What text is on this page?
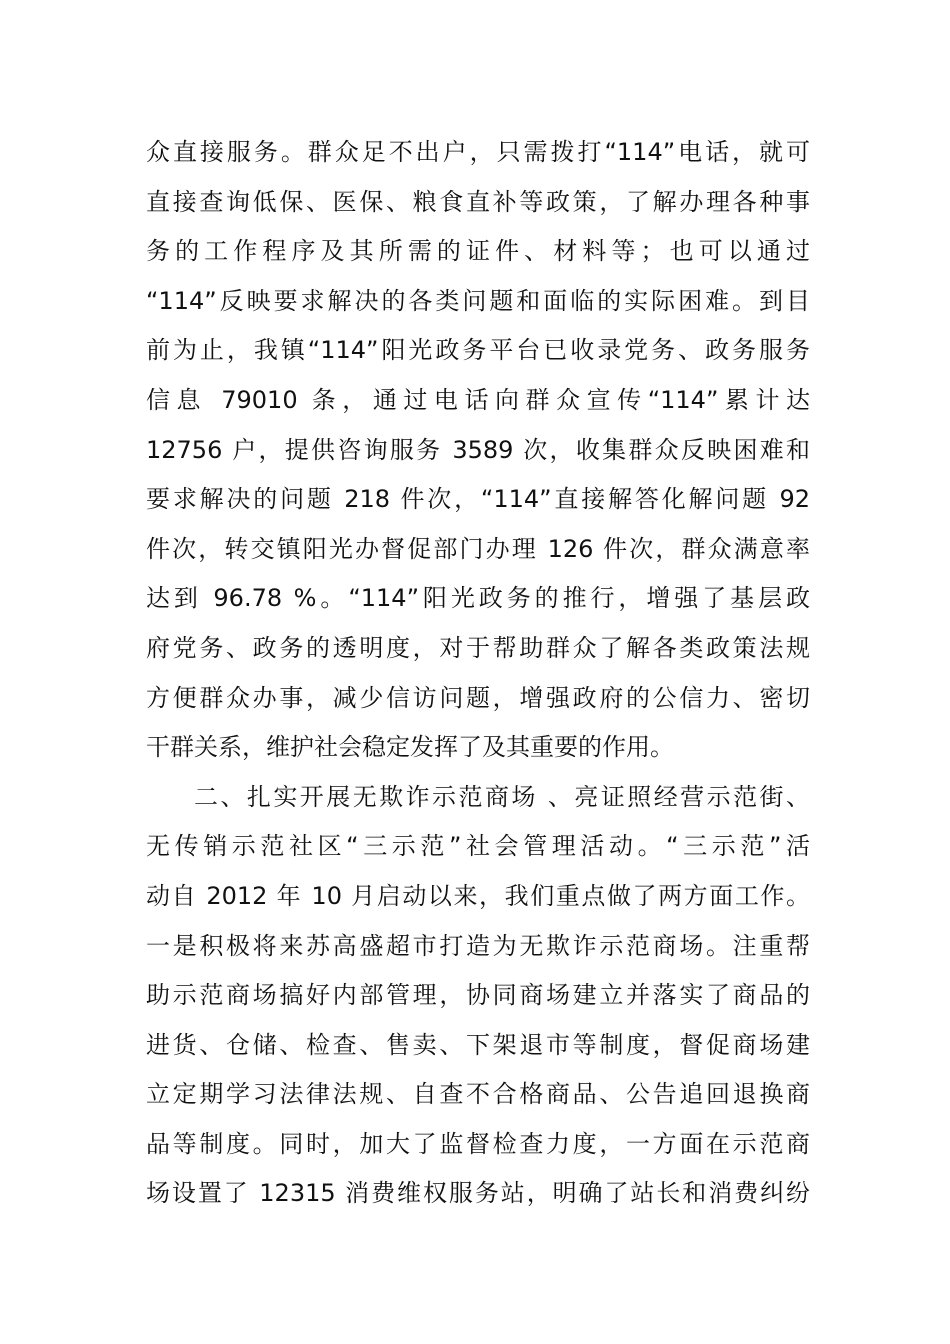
众直接服务。群众足不出户，只需拨打“114”电话，就可
直接查询低保、医保、粮食直补等政策，了解办理各种事
务的工作程序及其所需的证件、材料等；也可以通过
“114”反映要求解决的各类问题和面临的实际困难。到目
前为止，我镇“114”阳光政务平台已收录党务、政务服务
信息 79010 条，通过电话向群众宣传“114”累计达
12756 户，提供咨询服务 3589 次，收集群众反映困难和
要求解决的问题 218 件次，“114”直接解答化解问题 92
件次，转交镇阳光办督促部门办理 126 件次，群众满意率
达到 96.78 %。“114”阳光政务的推行，增强了基层政
府党务、政务的透明度，对于帮助群众了解各类政策法规
方便群众办事，减少信访问题，增强政府的公信力、密切
干群关系，维护社会稳定发挥了及其重要的作用。
二、扎实开展无欺诈示范商场 、亮证照经营示范街、
无传销示范社区“三示范”社会管理活动。“三示范”活
动自 2012 年 10 月启动以来，我们重点做了两方面工作。
一是积极将来苏高盛超市打造为无欺诈示范商场。注重帮
助示范商场搞好内部管理，协同商场建立并落实了商品的
进货、仓储、检查、售卖、下架退市等制度，督促商场建
立定期学习法律法规、自查不合格商品、公告追回退换商
品等制度。同时，加大了监督检查力度，一方面在示范商
场设置了 12315 消费维权服务站，明确了站长和消费纠纷
